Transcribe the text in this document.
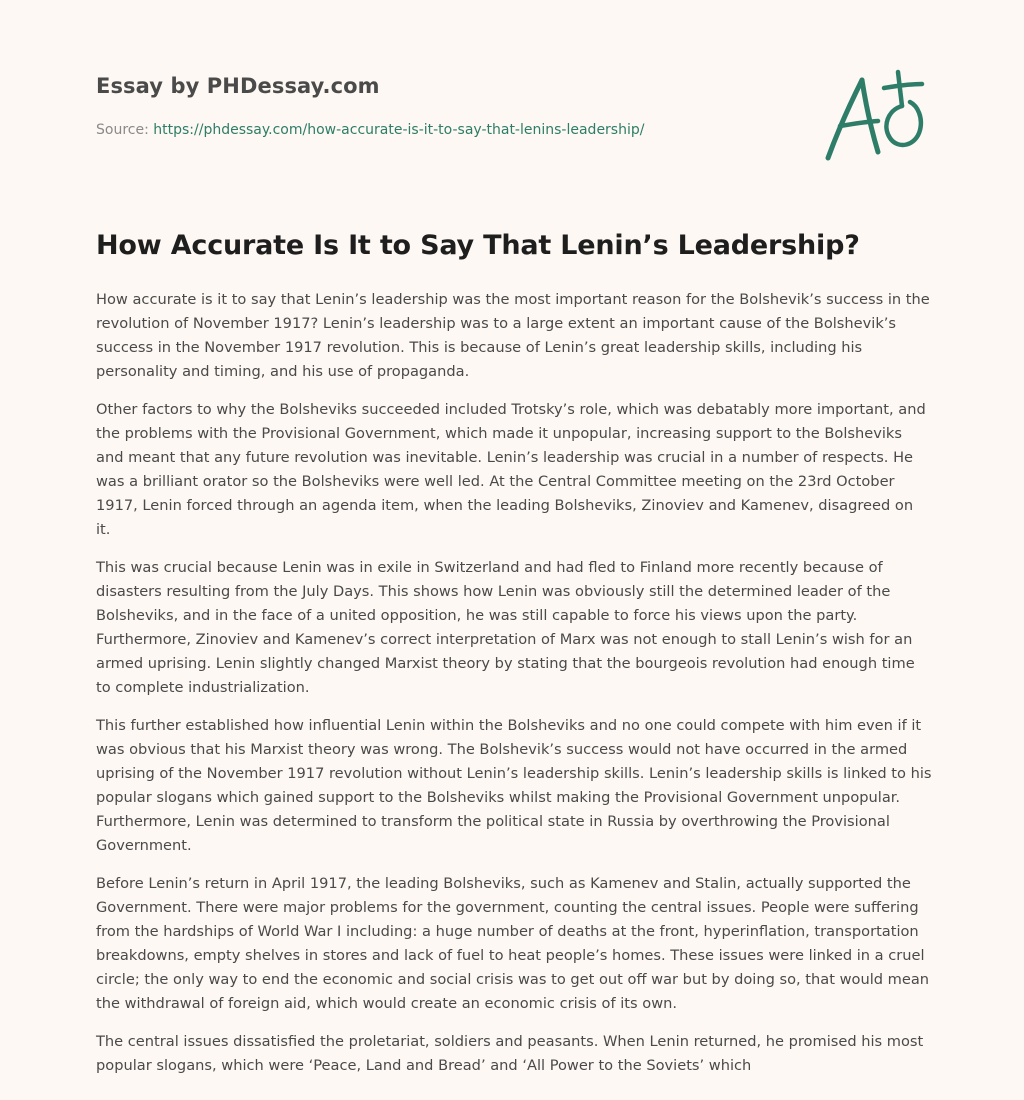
Essay by PHDessay.com
Source: https://phdessay.com/how-accurate-is-it-to-say-that-lenins-leadership/
How Accurate Is It to Say That Lenin’s Leadership?

How accurate is it to say that Lenin’s leadership was the most important reason for the Bolshevik’s success in the revolution of November 1917? Lenin’s leadership was to a large extent an important cause of the Bolshevik’s success in the November 1917 revolution. This is because of Lenin’s great leadership skills, including his personality and timing, and his use of propaganda.

Other factors to why the Bolsheviks succeeded included Trotsky’s role, which was debatably more important, and the problems with the Provisional Government, which made it unpopular, increasing support to the Bolsheviks and meant that any future revolution was inevitable. Lenin’s leadership was crucial in a number of respects. He was a brilliant orator so the Bolsheviks were well led. At the Central Committee meeting on the 23rd October 1917, Lenin forced through an agenda item, when the leading Bolsheviks, Zinoviev and Kamenev, disagreed on it.

This was crucial because Lenin was in exile in Switzerland and had fled to Finland more recently because of disasters resulting from the July Days. This shows how Lenin was obviously still the determined leader of the Bolsheviks, and in the face of a united opposition, he was still capable to force his views upon the party. Furthermore, Zinoviev and Kamenev’s correct interpretation of Marx was not enough to stall Lenin’s wish for an armed uprising. Lenin slightly changed Marxist theory by stating that the bourgeois revolution had enough time to complete industrialization.

This further established how influential Lenin within the Bolsheviks and no one could compete with him even if it was obvious that his Marxist theory was wrong. The Bolshevik’s success would not have occurred in the armed uprising of the November 1917 revolution without Lenin’s leadership skills. Lenin’s leadership skills is linked to his popular slogans which gained support to the Bolsheviks whilst making the Provisional Government unpopular. Furthermore, Lenin was determined to transform the political state in Russia by overthrowing the Provisional Government.

Before Lenin’s return in April 1917, the leading Bolsheviks, such as Kamenev and Stalin, actually supported the Government. There were major problems for the government, counting the central issues. People were suffering from the hardships of World War I including: a huge number of deaths at the front, hyperinflation, transportation breakdowns, empty shelves in stores and lack of fuel to heat people’s homes. These issues were linked in a cruel circle; the only way to end the economic and social crisis was to get out off war but by doing so, that would mean the withdrawal of foreign aid, which would create an economic crisis of its own.

The central issues dissatisfied the proletariat, soldiers and peasants. When Lenin returned, he promised his most popular slogans, which were ‘Peace, Land and Bread’ and ‘All Power to the Soviets’ which
